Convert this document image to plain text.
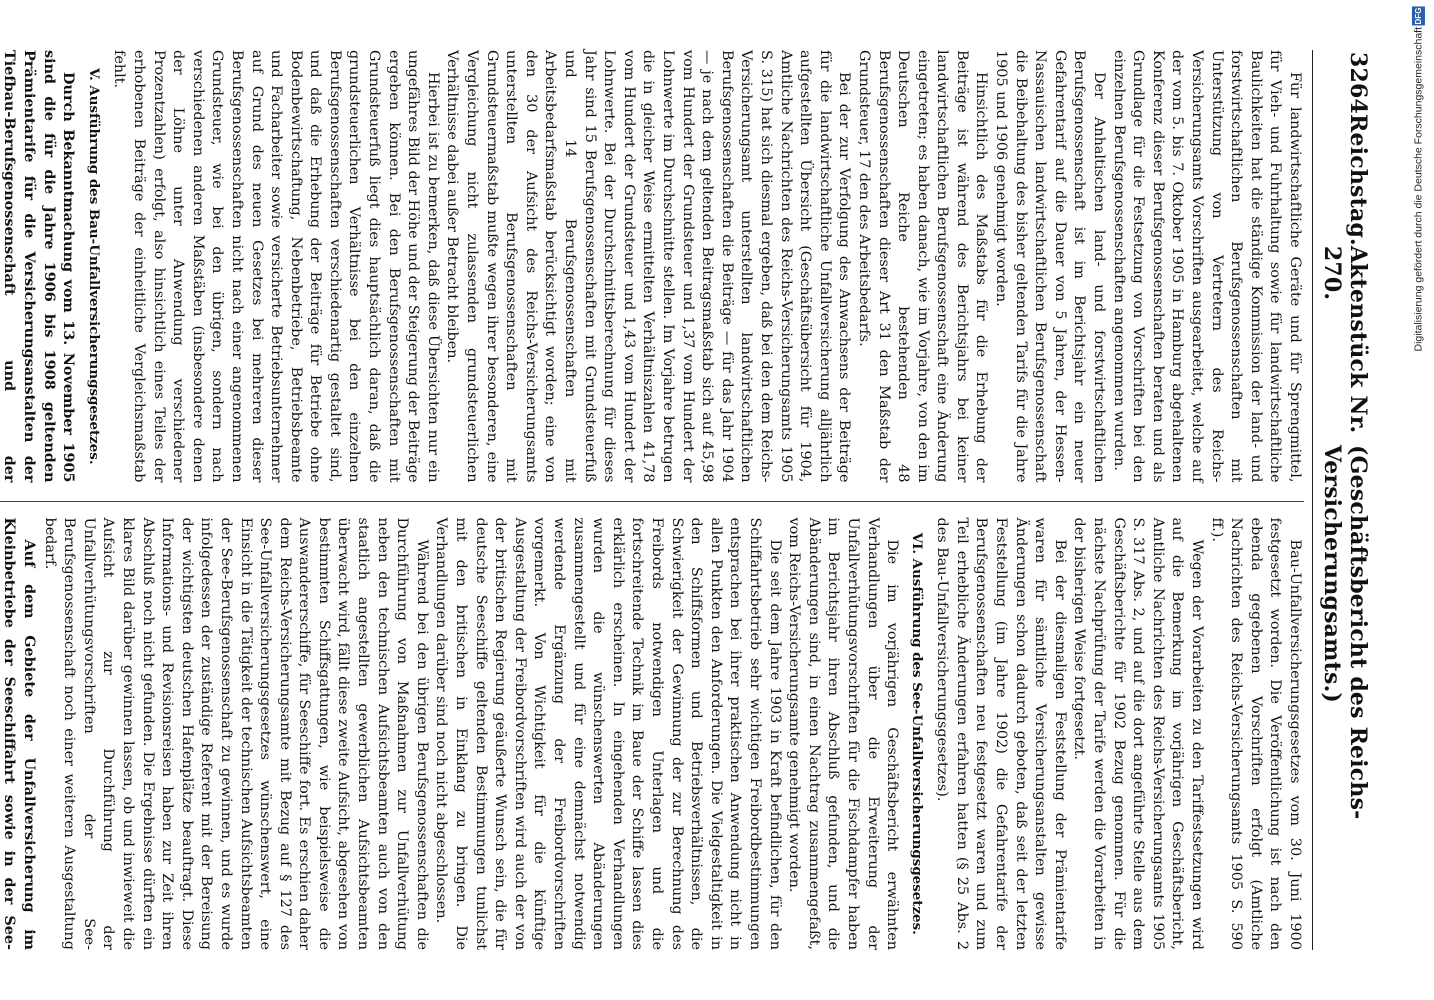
3264
Reichstag.
Aktenstück Nr. 270.
(Geschäftsbericht des Reichs-Versicherungsamts.)

Für landwirtschaftliche Geräte und für Sprengmittel, für Vieh- und Fuhrhaltung sowie für landwirtschaftliche Baulichkeiten hat die ständige Kommission der land- und forstwirtschaftlichen Berufsgenossenschaften mit Unterstützung von Vertretern des Reichs-Versicherungsamts Vorschriften ausgearbeitet, welche auf der vom 5. bis 7. Oktober 1905 in Hamburg abgehaltenen Konferenz dieser Berufsgenossenschaften beraten und als Grundlage für die Festsetzung von Vorschriften bei den einzelnen Berufsgenossenschaften angenommen wurden.

Der Anhaltischen land- und forstwirtschaftlichen Berufsgenossenschaft ist im Berichtsjahr ein neuer Gefahrentarif auf die Dauer von 5 Jahren, der Hessen-Nassauischen landwirtschaftlichen Berufsgenossenschaft die Beibehaltung des bisher geltenden Tarifs für die Jahre 1905 und 1906 genehmigt worden.

Hinsichtlich des Maßstabs für die Erhebung der Beiträge ist während des Berichtsjahrs bei keiner landwirtschaftlichen Berufsgenossenschaft eine Änderung eingetreten; es haben danach, wie im Vorjahre, von den im Deutschen Reiche bestehenden 48 Berufsgenossenschaften dieser Art 31 den Maßstab der Grundsteuer, 17 den des Arbeitsbedarfs.

Bei der zur Verfolgung des Anwachsens der Beiträge für die landwirtschaftliche Unfallversicherung alljährlich aufgestellten Übersicht (Geschäftsübersicht für 1904, Amtliche Nachrichten des Reichs-Versicherungsamts 1905 S. 315) hat sich diesmal ergeben, daß bei den dem Reichs-Versicherungsamt unterstellten landwirtschaftlichen Berufsgenossenschaften die Beiträge — für das Jahr 1904 — je nach dem geltenden Beitragsmaßstab sich auf 45,98 vom Hundert der Grundsteuer und 1,37 vom Hundert der Lohnwerte im Durchschnitte stellen. Im Vorjahre betrugen die in gleicher Weise ermittelten Verhältniszahlen 41,78 vom Hundert der Grundsteuer und 1,43 vom Hundert der Lohnwerte. Bei der Durchschnittsberechnung für dieses Jahr sind 15 Berufsgenossenschaften mit Grundsteuerfuß und 14 Berufsgenossenschaften mit Arbeitsbedarfsmaßstab berücksichtigt worden; eine von den 30 der Aufsicht des Reichs-Versicherungsamts unterstellten Berufsgenossenschaften mit Grundsteuermaßstab mußte wegen ihrer besonderen, eine Vergleichung nicht zulassenden grundsteuerlichen Verhältnisse dabei außer Betracht bleiben.

Hierbei ist zu bemerken, daß diese Übersichten nur ein ungefähres Bild der Höhe und der Steigerung der Beiträge ergeben können. Bei den Berufsgenossenschaften mit Grundsteuerfuß liegt dies hauptsächlich daran, daß die grundsteuerlichen Verhältnisse bei den einzelnen Berufsgenossenschaften verschiedenartig gestaltet sind, und daß die Erhebung der Beiträge für Betriebe ohne Bodenbewirtschaftung, Nebenbetriebe, Betriebsbeamte und Facharbeiter sowie versicherte Betriebsunternehmer auf Grund des neuen Gesetzes bei mehreren dieser Berufsgenossenschaften nicht nach einer angenommenen Grundsteuer, wie bei den übrigen, sondern nach verschiedenen anderen Maßstäben (insbesondere denen der Löhne unter Anwendung verschiedener Prozentzahlen) erfolgt, also hinsichtlich eines Teiles der erhobenen Beiträge der einheitliche Vergleichsmaßstab fehlt.

V. Ausführung des Bau-Unfallversicherungsgesetzes.

Durch Bekanntmachung vom 13. November 1905 sind die für die Jahre 1906 bis 1908 geltenden Prämientarife für die Versicherungsanstalten der Tiefbau-Berufsgenossenschaft und der

Bau-Unfallversicherungsgesetzes vom 30. Juni 1900 festgesetzt worden. Die Veröffentlichung ist nach den ebenda gegebenen Vorschriften erfolgt (Amtliche Nachrichten des Reichs-Versicherungsamts 1905 S. 590 ff.).

Wegen der Vorarbeiten zu den Tariffestsetzungen wird auf die Bemerkung im vorjährigen Geschäftsbericht, Amtliche Nachrichten des Reichs-Versicherungsamts 1905 S. 317 Abs. 2, und auf die dort angeführte Stelle aus dem Geschäftsberichte für 1902 Bezug genommen. Für die nächste Nachprüfung der Tarife werden die Vorarbeiten in der bisherigen Weise fortgesetzt.

Bei der diesmaligen Feststellung der Prämientarife waren für sämtliche Versicherungsanstalten gewisse Änderungen schon dadurch geboten, daß seit der letzten Feststellung (im Jahre 1902) die Gefahrentarife der Berufsgenossenschaften neu festgesetzt waren und zum Teil erhebliche Änderungen erfahren hatten (§ 25 Abs. 2 des Bau-Unfallversicherungsgesetzes).

VI. Ausführung des See-Unfallversicherungsgesetzes.

Die im vorjährigen Geschäftsbericht erwähnten Verhandlungen über die Erweiterung der Unfallverhütungsvorschriften für die Fischdampfer haben im Berichtsjahr ihren Abschluß gefunden, und die Abänderungen sind, in einen Nachtrag zusammengefaßt, vom Reichs-Versicherungsamte genehmigt worden.

Die seit dem Jahre 1903 in Kraft befindlichen, für den Schiffahrtsbetrieb sehr wichtigen Freibordbestimmungen entsprachen bei ihrer praktischen Anwendung nicht in allen Punkten den Anforderungen. Die Vielgestaltigkeit in den Schiffsformen und Betriebsverhältnissen, die Schwierigkeit der Gewinnung der zur Berechnung des Freibords notwendigen Unterlagen und die fortschreitende Technik im Baue der Schiffe lassen dies erklärlich erscheinen. In eingehenden Verhandlungen wurden die wünschenswerten Abänderungen zusammengestellt und für eine demnächst notwendig werdende Ergänzung der Freibordvorschriften vorgemerkt. Von Wichtigkeit für die künftige Ausgestaltung der Freibordvorschriften wird auch der von der britischen Regierung geäußerte Wunsch sein, die für deutsche Seeschiffe geltenden Bestimmungen tunlichst mit den britischen in Einklang zu bringen. Die Verhandlungen darüber sind noch nicht abgeschlossen.

Während bei den übrigen Berufsgenossenschaften die Durchführung von Maßnahmen zur Unfallverhütung neben den technischen Aufsichtsbeamten auch von den staatlich angestellten gewerblichen Aufsichtsbeamten überwacht wird, fällt diese zweite Aufsicht, abgesehen von bestimmten Schiffsgattungen, wie beispielsweise die Auswandererschiffe, für Seeschiffe fort. Es erschien daher dem Reichs-Versicherungsamte mit Bezug auf § 127 des See-Unfallversicherungsgesetzes wünschenswert, eine Einsicht in die Tätigkeit der technischen Aufsichtsbeamten der See-Berufsgenossenschaft zu gewinnen, und es wurde infolgedessen der zuständige Referent mit der Bereisung der wichtigsten deutschen Hafenplätze beauftragt. Diese Informations- und Revisionsreisen haben zur Zeit ihren Abschluß noch nicht gefunden. Die Ergebnisse dürften ein klares Bild darüber gewinnen lassen, ob und inwieweit die Aufsicht zur Durchführung der Unfallverhütungsvorschriften der See-Berufsgenossenschaft noch einer weiteren Ausgestaltung bedarf.

Auf dem Gebiete der Unfallversicherung im Kleinbetriebe der Seeschiffahrt sowie in der See-

Digitalisierung gefördert durch die Deutsche Forschungsgemeinschaft
DFG
